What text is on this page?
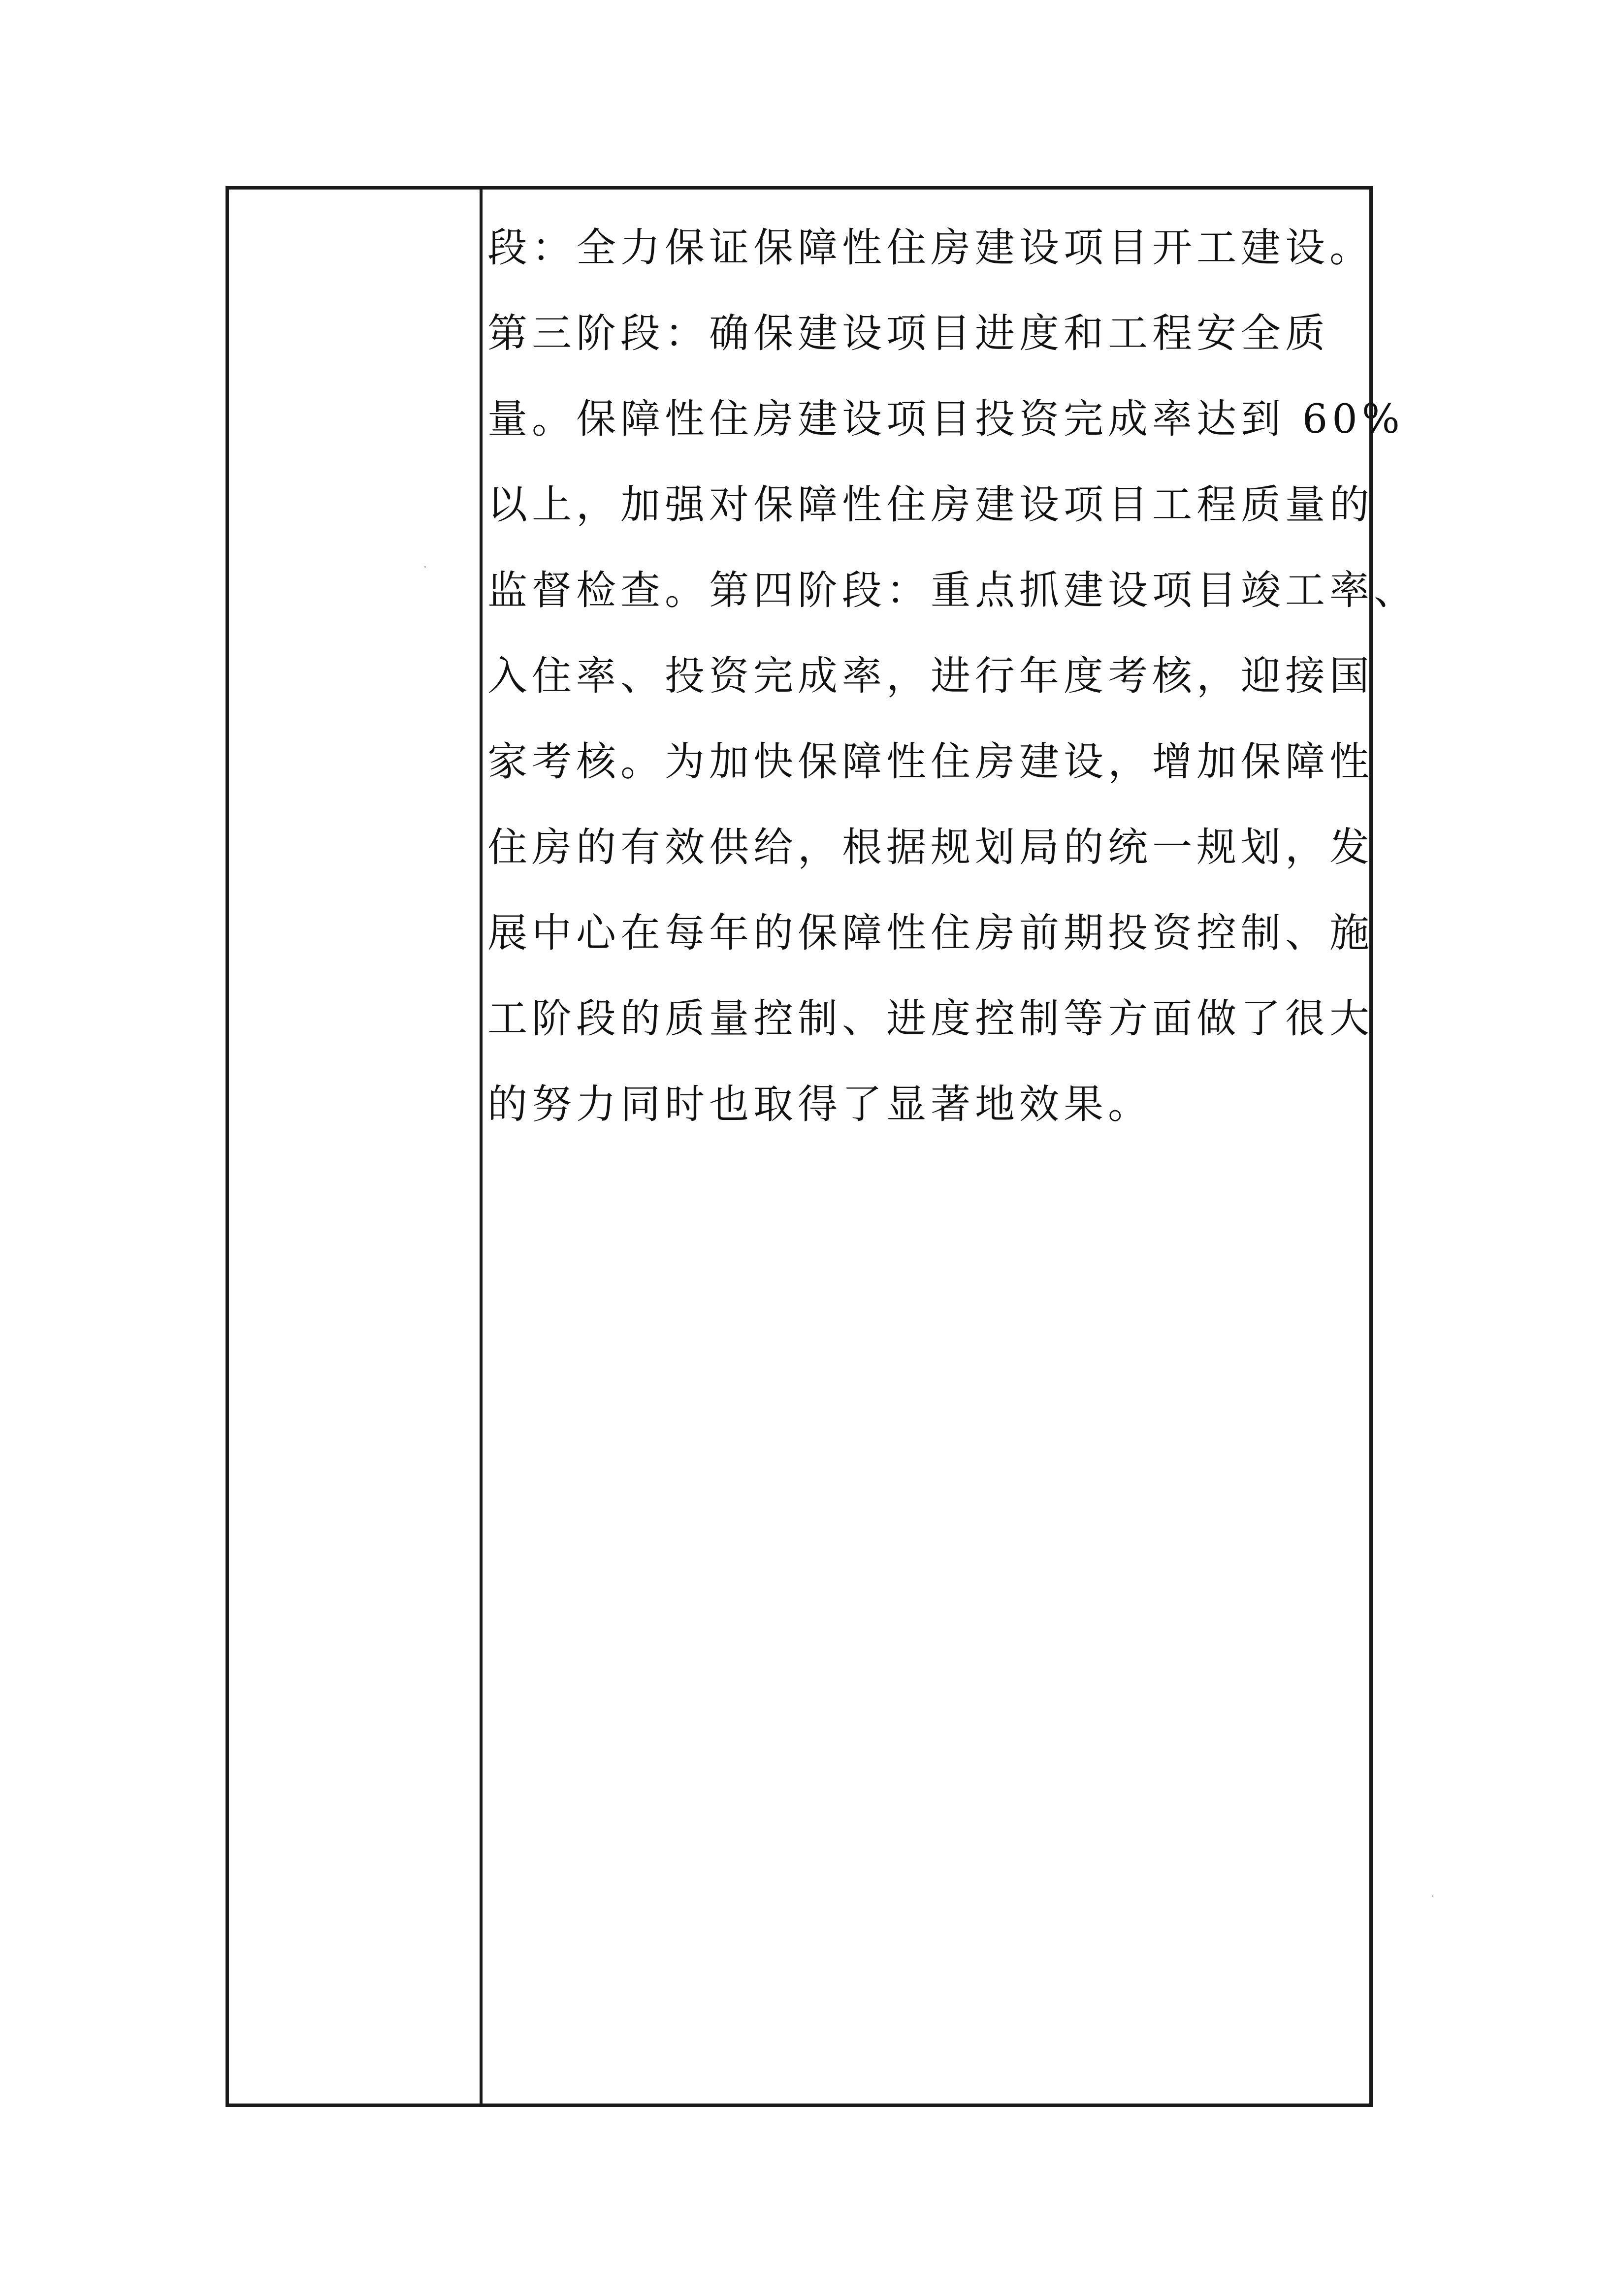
段：全力保证保障性住房建设项目开工建设。
第三阶段：确保建设项目进度和工程安全质
量。保障性住房建设项目投资完成率达到 60%
以上，加强对保障性住房建设项目工程质量的
监督检查。第四阶段：重点抓建设项目竣工率、
入住率、投资完成率，进行年度考核，迎接国
家考核。为加快保障性住房建设，增加保障性
住房的有效供给，根据规划局的统一规划，发
展中心在每年的保障性住房前期投资控制、施
工阶段的质量控制、进度控制等方面做了很大
的努力同时也取得了显著地效果。
